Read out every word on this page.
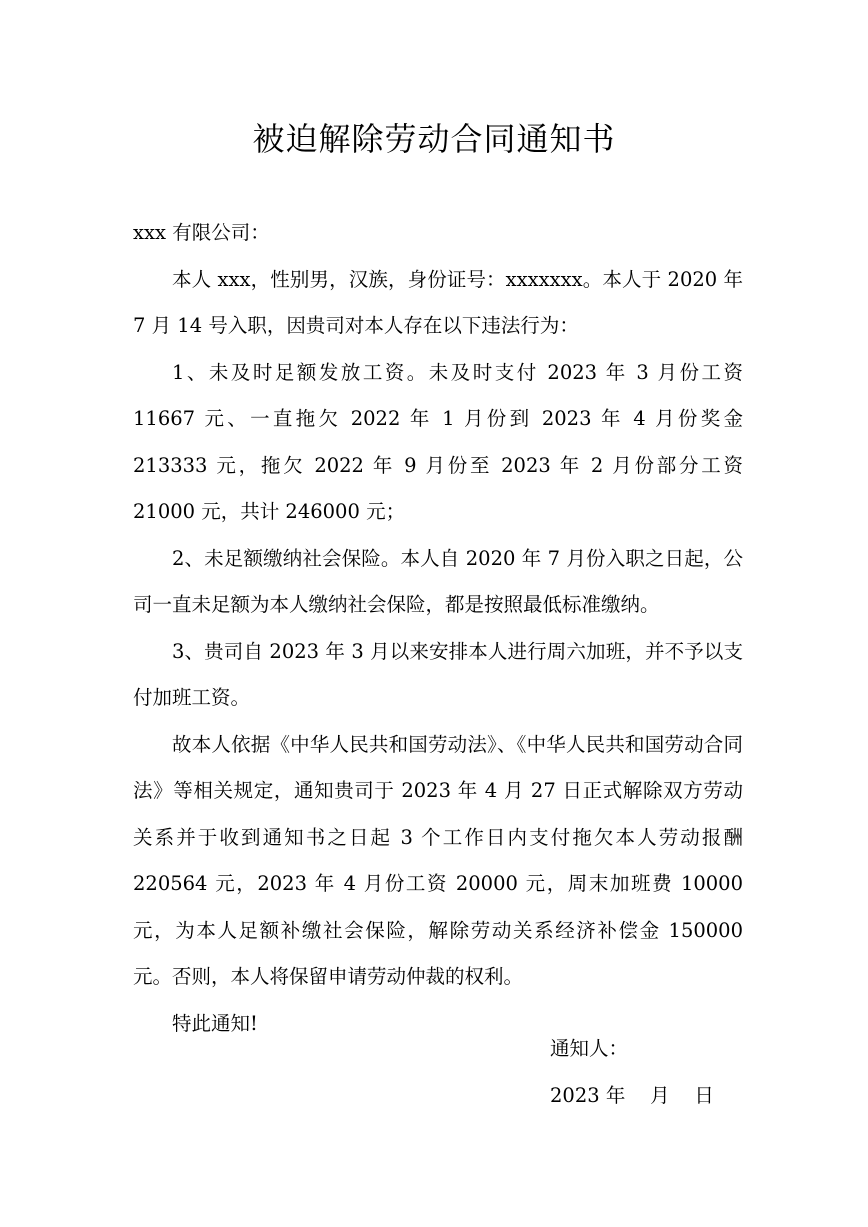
被迫解除劳动合同通知书

xxx 有限公司：

本人 xxx，性别男，汉族，身份证号：xxxxxxx。本人于 2020 年 7 月 14 号入职，因贵司对本人存在以下违法行为：

1、未及时足额发放工资。未及时支付 2023 年 3 月份工资 11667 元、一直拖欠 2022 年 1 月份到 2023 年 4 月份奖金 213333 元，拖欠 2022 年 9 月份至 2023 年 2 月份部分工资 21000 元，共计 246000 元；

2、未足额缴纳社会保险。本人自 2020 年 7 月份入职之日起，公司一直未足额为本人缴纳社会保险，都是按照最低标准缴纳。

3、贵司自 2023 年 3 月以来安排本人进行周六加班，并不予以支付加班工资。

故本人依据《中华人民共和国劳动法》、《中华人民共和国劳动合同法》等相关规定，通知贵司于 2023 年 4 月 27 日正式解除双方劳动关系并于收到通知书之日起 3 个工作日内支付拖欠本人劳动报酬 220564 元，2023 年 4 月份工资 20000 元，周末加班费 10000 元，为本人足额补缴社会保险，解除劳动关系经济补偿金 150000 元。否则，本人将保留申请劳动仲裁的权利。

特此通知!

通知人：
2023 年    月    日
